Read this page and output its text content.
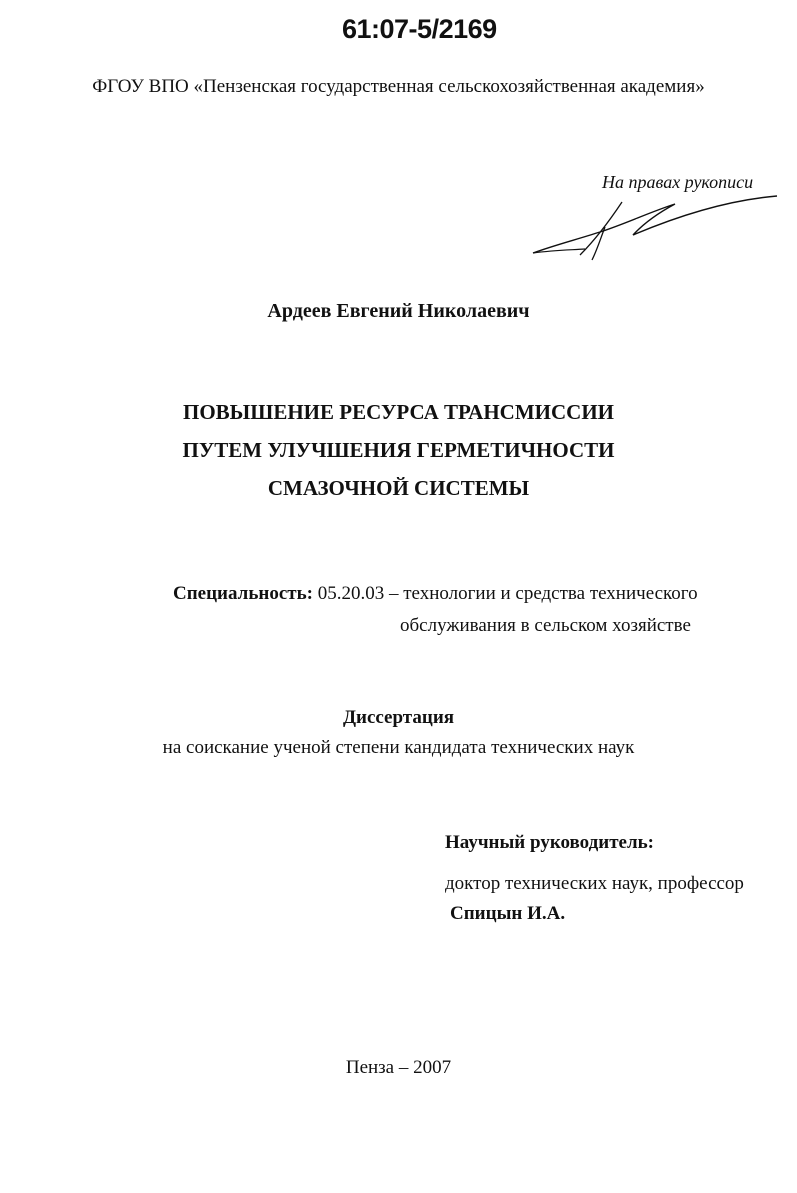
61:07-5/2169
ФГОУ ВПО «Пензенская государственная сельскохозяйственная академия»
На правах рукописи
Ардеев Евгений Николаевич
ПОВЫШЕНИЕ РЕСУРСА ТРАНСМИССИИ
ПУТЕМ УЛУЧШЕНИЯ ГЕРМЕТИЧНОСТИ
СМАЗОЧНОЙ СИСТЕМЫ
Специальность: 05.20.03 – технологии и средства технического
обслуживания в сельском хозяйстве
Диссертация
на соискание ученой степени кандидата технических наук
Научный руководитель:
доктор технических наук, профессор
Спицын И.А.
Пенза – 2007
